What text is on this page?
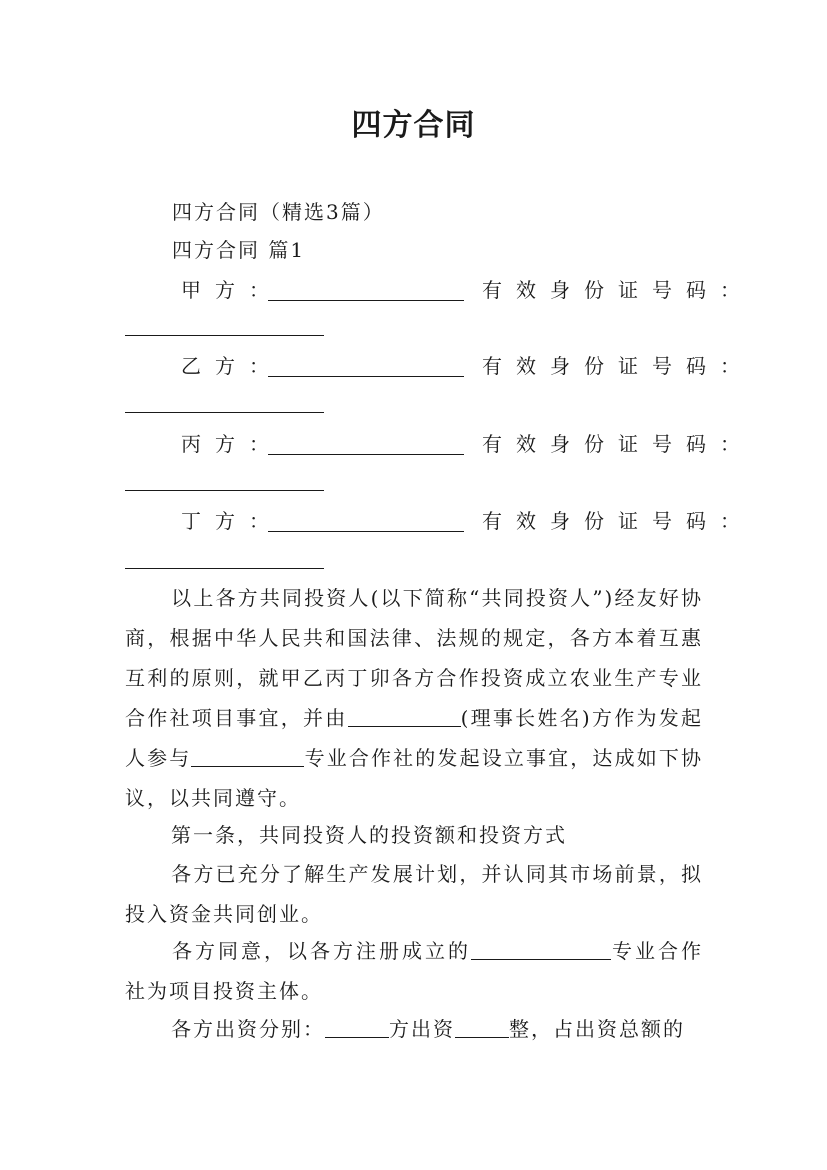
四方合同
四方合同（精选3篇）
四方合同 篇1
甲方：	有效身份证号码：
乙方：	有效身份证号码：
丙方：	有效身份证号码：
丁方：	有效身份证号码：
以上各方共同投资人(以下简称“共同投资人”)经友好协商，根据中华人民共和国法律、法规的规定，各方本着互惠互利的原则，就甲乙丙丁卯各方合作投资成立农业生产专业合作社项目事宜，并由	(理事长姓名)方作为发起人参与	专业合作社的发起设立事宜，达成如下协议，以共同遵守。
第一条，共同投资人的投资额和投资方式
各方已充分了解生产发展计划，并认同其市场前景，拟投入资金共同创业。
各方同意，以各方注册成立的	专业合作社为项目投资主体。
各方出资分别：	方出资	整，占出资总额的
